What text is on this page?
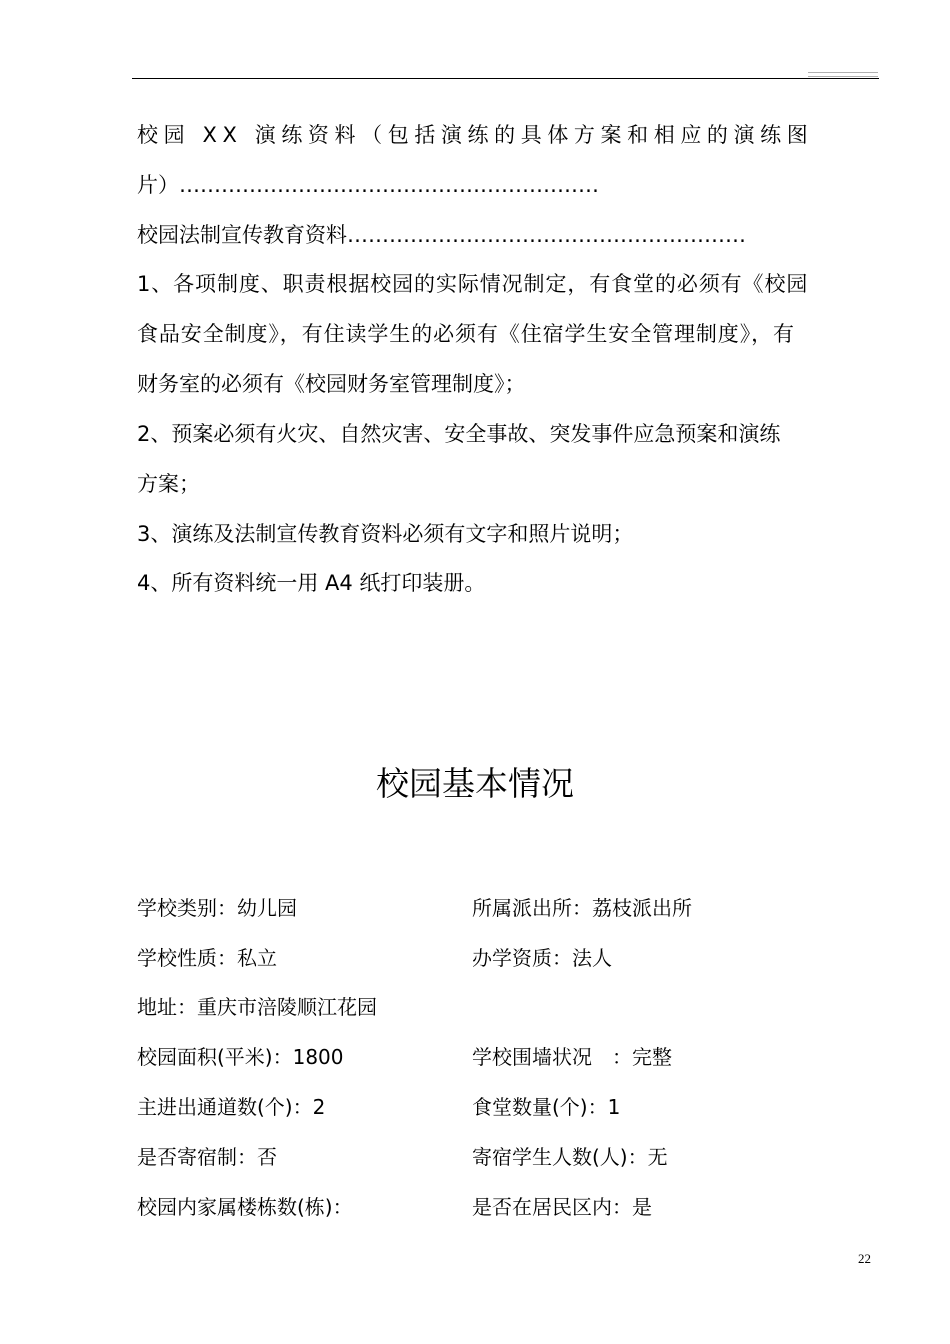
校园 XX 演练资料（包括演练的具体方案和相应的演练图
片）……………………………………………………
校园法制宣传教育资料…………………………………………………
1、各项制度、职责根据校园的实际情况制定，有食堂的必须有《校园
食品安全制度》，有住读学生的必须有《住宿学生安全管理制度》，有
财务室的必须有《校园财务室管理制度》；
2、预案必须有火灾、自然灾害、安全事故、突发事件应急预案和演练
方案；
3、演练及法制宣传教育资料必须有文字和照片说明；
4、所有资料统一用 A4 纸打印装册。
校园基本情况
学校类别：幼儿园	所属派出所：荔枝派出所
学校性质：私立	办学资质：法人
地址：重庆市涪陵顺江花园
校园面积(平米)：1800	学校围墙状况　：完整
主进出通道数(个)：2	食堂数量(个)：1
是否寄宿制：否	寄宿学生人数(人)：无
校园内家属楼栋数(栋)：	是否在居民区内：是
22
